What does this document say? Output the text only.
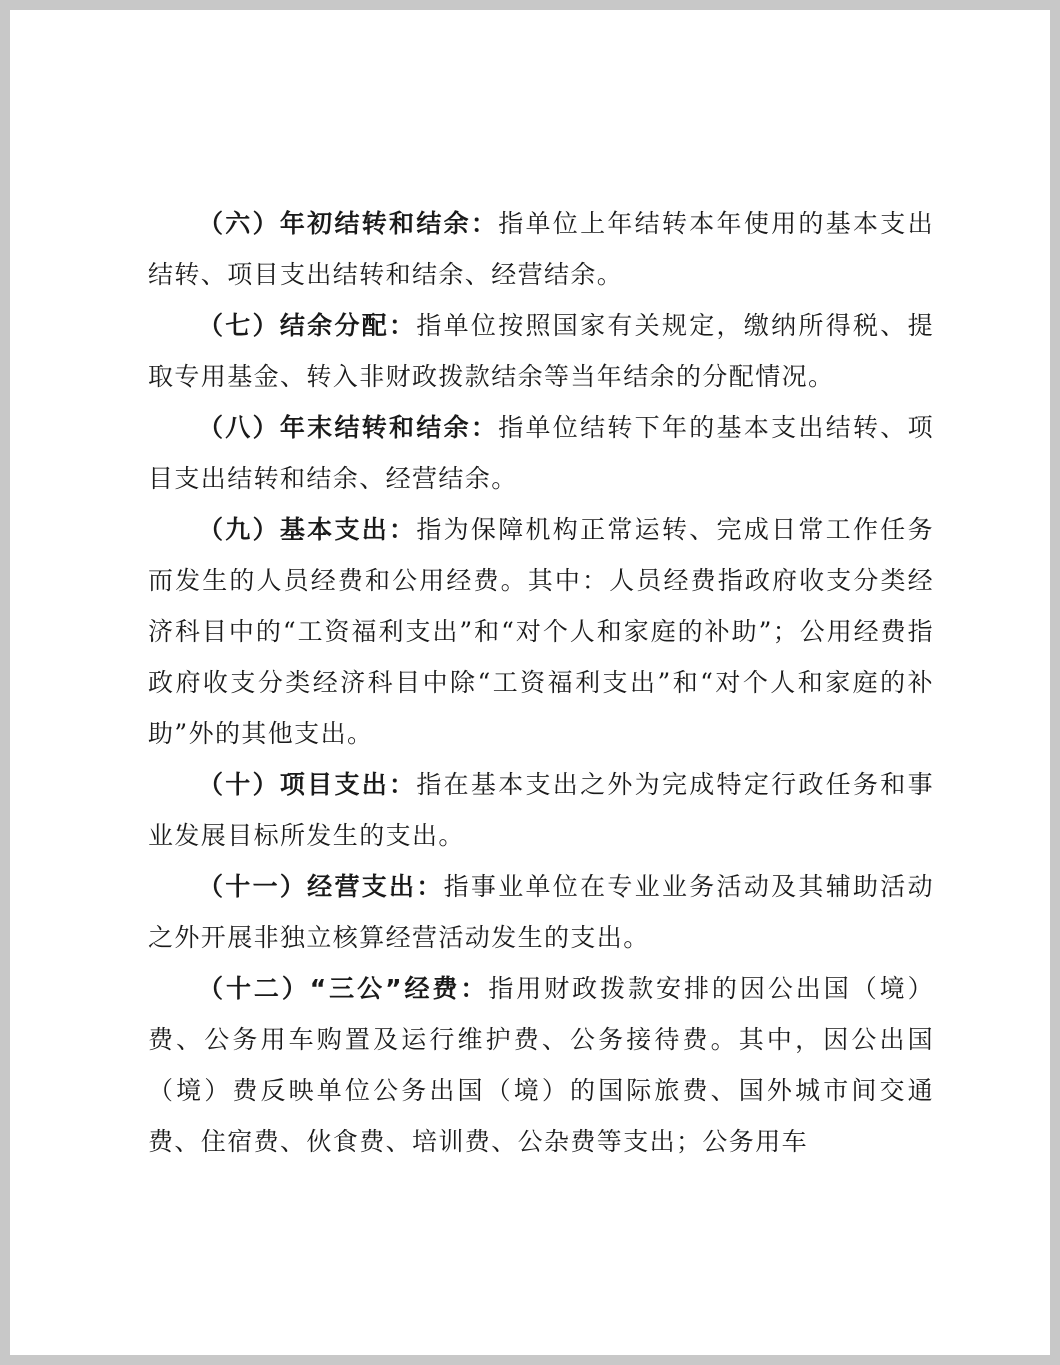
（六）年初结转和结余：指单位上年结转本年使用的基本支出结转、项目支出结转和结余、经营结余。

（七）结余分配：指单位按照国家有关规定，缴纳所得税、提取专用基金、转入非财政拨款结余等当年结余的分配情况。

（八）年末结转和结余：指单位结转下年的基本支出结转、项目支出结转和结余、经营结余。

（九）基本支出：指为保障机构正常运转、完成日常工作任务而发生的人员经费和公用经费。其中：人员经费指政府收支分类经济科目中的“工资福利支出”和“对个人和家庭的补助”；公用经费指政府收支分类经济科目中除“工资福利支出”和“对个人和家庭的补助”外的其他支出。

（十）项目支出：指在基本支出之外为完成特定行政任务和事业发展目标所发生的支出。

（十一）经营支出：指事业单位在专业业务活动及其辅助活动之外开展非独立核算经营活动发生的支出。

（十二）“三公”经费：指用财政拨款安排的因公出国（境）费、公务用车购置及运行维护费、公务接待费。其中，因公出国（境）费反映单位公务出国（境）的国际旅费、国外城市间交通费、住宿费、伙食费、培训费、公杂费等支出；公务用车
